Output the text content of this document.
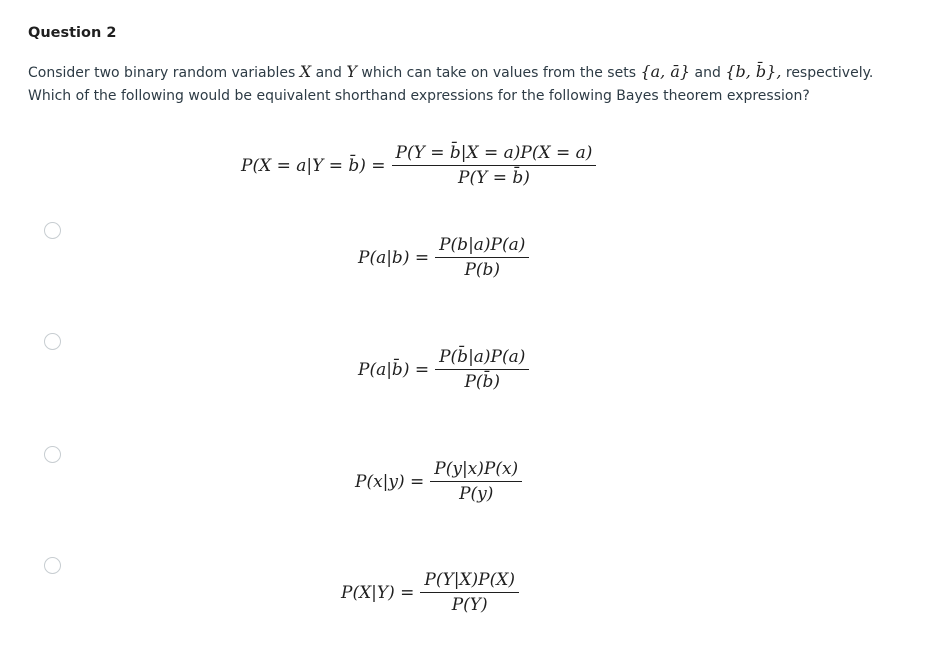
Question 2
Consider two binary random variables X and Y which can take on values from the sets {a, ā} and {b, b̄}, respectively. Which of the following would be equivalent shorthand expressions for the following Bayes theorem expression?
P(X = a|Y = b̄) = $\frac{P(Y = b̄|X = a)P(X = a)}{P(Y = b̄)}$
$P(a|b) = \frac{P(b|a)P(a)}{P(b)}$
P(a|b̄) = $\frac{P(b̄|a)P(a)}{P(b̄)}$
$P(x|y) = \frac{P(y|x)P(x)}{P(y)}$
$P(X|Y) = \frac{P(Y|X)P(X)}{P(Y)}$
